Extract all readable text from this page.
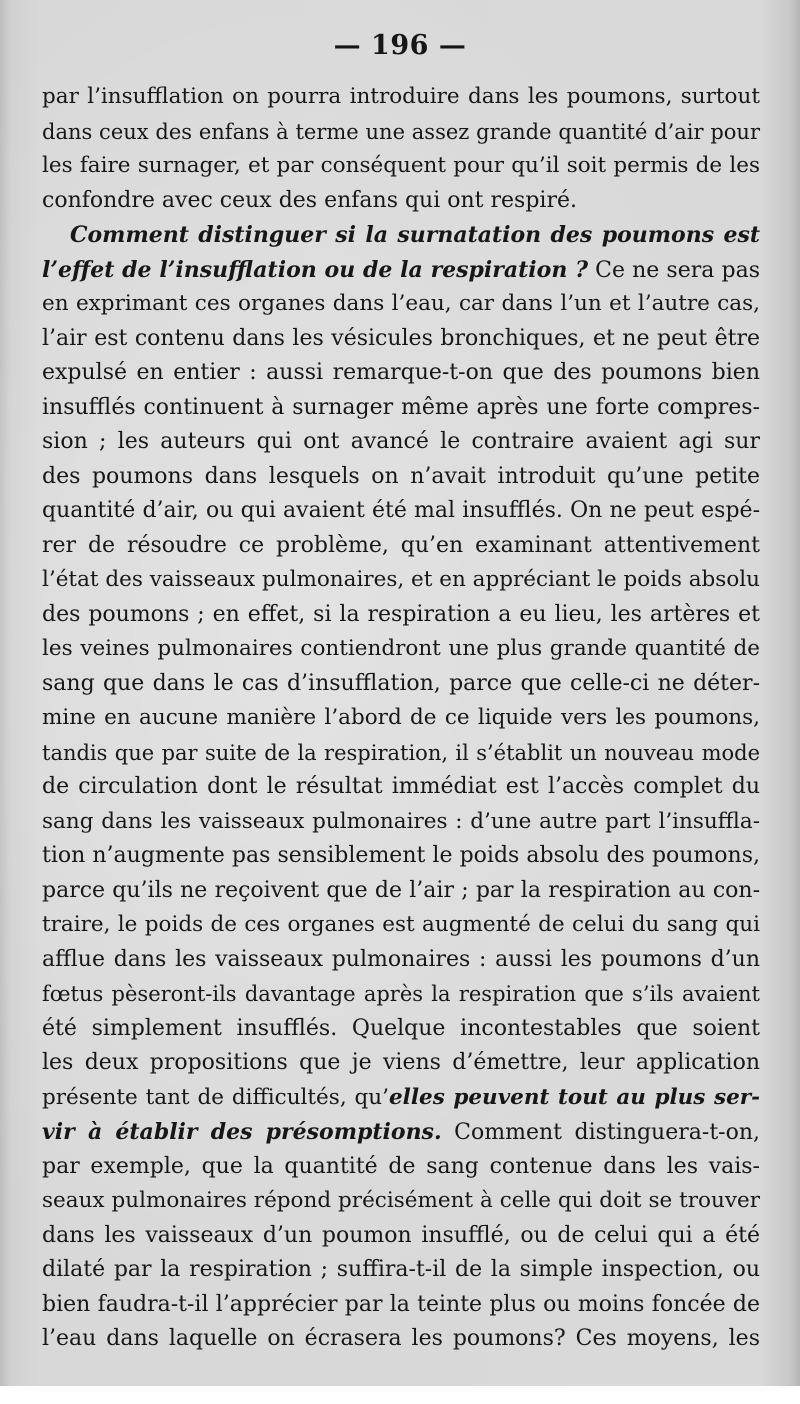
— 196 —
par l’insufflation on pourra introduire dans les poumons, surtout
dans ceux des enfans à terme une assez grande quantité d’air pour
les faire surnager, et par conséquent pour qu’il soit permis de les
confondre avec ceux des enfans qui ont respiré.
Comment distinguer si la surnatation des poumons est
l’effet de l’insufflation ou de la respiration ? Ce ne sera pas
en exprimant ces organes dans l’eau, car dans l’un et l’autre cas,
l’air est contenu dans les vésicules bronchiques, et ne peut être
expulsé en entier : aussi remarque-t-on que des poumons bien
insufflés continuent à surnager même après une forte compres-
sion ; les auteurs qui ont avancé le contraire avaient agi sur
des poumons dans lesquels on n’avait introduit qu’une petite
quantité d’air, ou qui avaient été mal insufflés. On ne peut espé-
rer de résoudre ce problème, qu’en examinant attentivement
l’état des vaisseaux pulmonaires, et en appréciant le poids absolu
des poumons ; en effet, si la respiration a eu lieu, les artères et
les veines pulmonaires contiendront une plus grande quantité de
sang que dans le cas d’insufflation, parce que celle-ci ne déter-
mine en aucune manière l’abord de ce liquide vers les poumons,
tandis que par suite de la respiration, il s’établit un nouveau mode
de circulation dont le résultat immédiat est l’accès complet du
sang dans les vaisseaux pulmonaires : d’une autre part l’insuffla-
tion n’augmente pas sensiblement le poids absolu des poumons,
parce qu’ils ne reçoivent que de l’air ; par la respiration au con-
traire, le poids de ces organes est augmenté de celui du sang qui
afflue dans les vaisseaux pulmonaires : aussi les poumons d’un
fœtus pèseront-ils davantage après la respiration que s’ils avaient
été simplement insufflés. Quelque incontestables que soient
les deux propositions que je viens d’émettre, leur application
présente tant de difficultés, qu’elles peuvent tout au plus ser-
vir à établir des présomptions. Comment distinguera-t-on,
par exemple, que la quantité de sang contenue dans les vais-
seaux pulmonaires répond précisément à celle qui doit se trouver
dans les vaisseaux d’un poumon insufflé, ou de celui qui a été
dilaté par la respiration ; suffira-t-il de la simple inspection, ou
bien faudra-t-il l’apprécier par la teinte plus ou moins foncée de
l’eau dans laquelle on écrasera les poumons? Ces moyens, les
